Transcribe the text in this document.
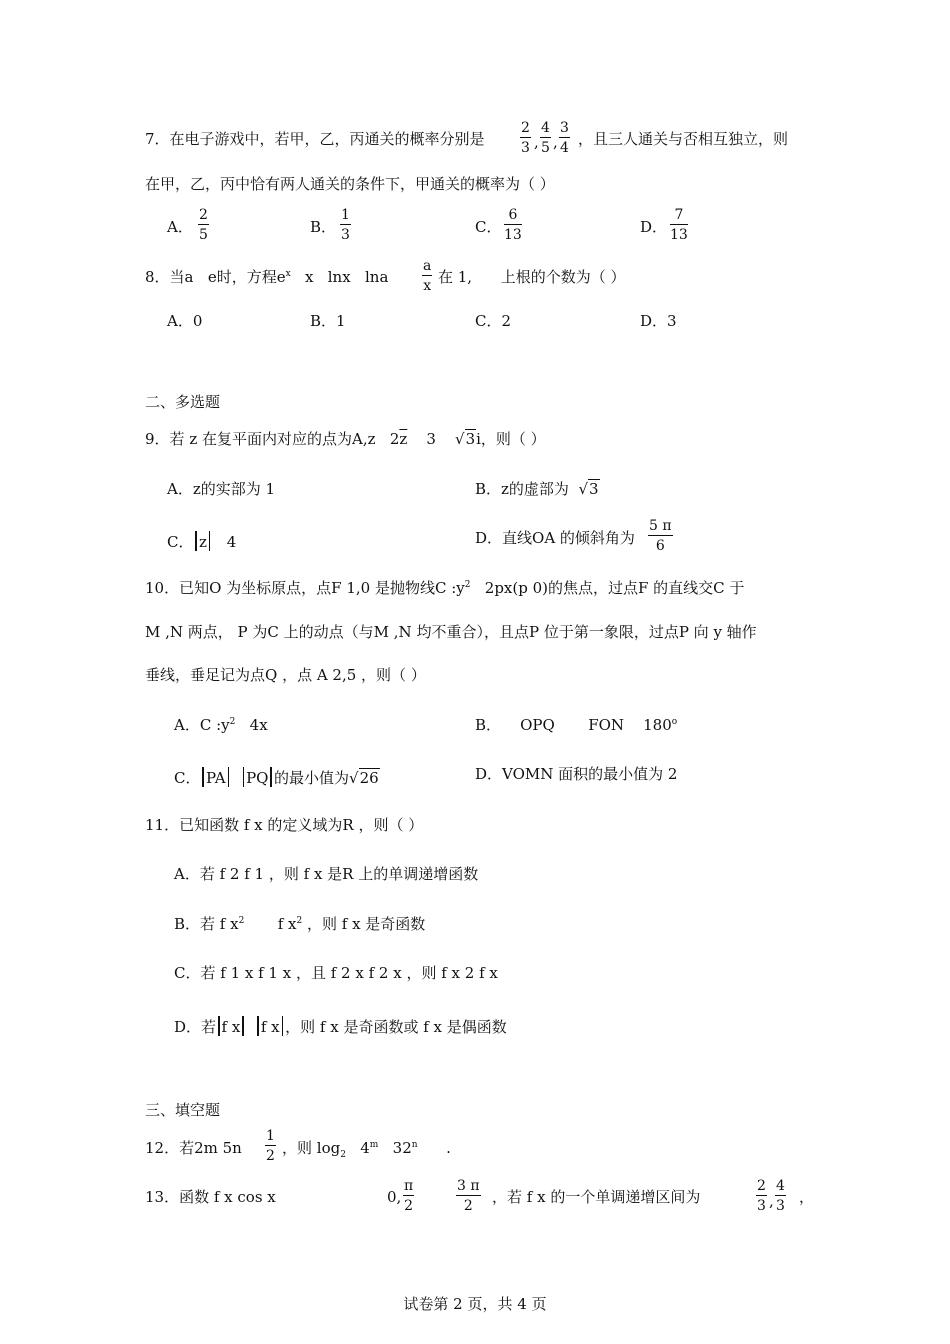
7．在电子游戏中，若甲，乙，丙通关的概率分别是	$\frac{2}{3}$ , $\frac{4}{5}$ , $\frac{3}{4}$ ，且三人通关与否相互独立，则
在甲，乙，丙中恰有两人通关的条件下，甲通关的概率为（ ）
A． $\frac{2}{5}$	B． $\frac{1}{3}$	C． $\frac{6}{13}$	D． $\frac{7}{13}$
8．当a e时，方程$e^x$ x lnx lna $\frac{a}{x}$ 在 1, 上根的个数为（ ）
A．0	B．1	C．2	D．3
二、多选题
9．若 z 在复平面内对应的点为A,z $2\overline{z}$ 3    √3i，则（ ）
A．z的实部为 1	B．z的虚部为  √3
C． z 4	D．直线OA 的倾斜角为 $\frac{5 \pi}{6}$
10．已知O 为坐标原点，点F 1,0 是抛物线C $:y^2$ 2px(p 0)的焦点，过点F 的直线交C 于
M ,N 两点， P 为C 上的动点（与M ,N 均不重合），且点P 位于第一象限，过点P 向 y 轴作
垂线，垂足记为点Q ，点 A 2,5 ，则（ ）
A．C $:y^2$ 4x	B． OPQ FON 180$^o$
C． PA PQ 的最小值为√26	D．VOMN 面积的最小值为 2
11．已知函数 f x 的定义域为R ，则（ ）
A．若 f 2 f 1 ，则 f x 是R 上的单调递增函数
B．若 f $x^2$ f $x^2$ ，则 f x 是奇函数
C．若 f 1 x f 1 x ，且 f 2 x f 2 x ，则 f x 2 f x
D．若 f x f x ，则 f x 是奇函数或 f x 是偶函数
三、填空题
12．若2m $5n \frac{1}{2}$ ，则 $\log_2 4^m$ 32$^n$ .
13．函数 f x cos x	0, $\frac{\pi}{2}$	$\frac{3 \pi}{2}$ ，若 f x 的一个单调递增区间为	$\frac{2}{3}$ , $\frac{4}{3}$ ，
试卷第 2 页，共 4 页
